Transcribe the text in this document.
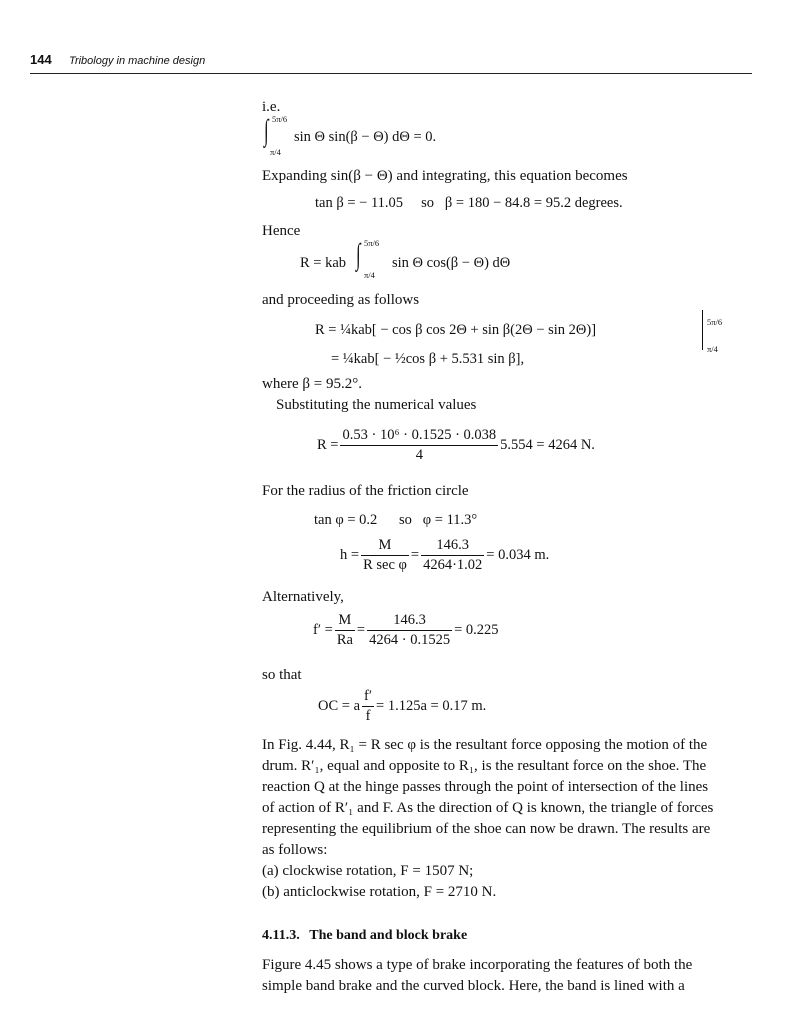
144 Tribology in machine design
i.e.
5π/6
∫
π/4
sin Θ sin(β − Θ) dΘ = 0.
Expanding sin(β − Θ) and integrating, this equation becomes
tan β = − 11.05     so   β = 180 − 84.8 = 95.2 degrees.
Hence
5π/6
∫
π/4
R = kab	sin Θ cos(β − Θ) dΘ
and proceeding as follows
R = ¼kab[ − cos β cos 2Θ + sin β(2Θ − sin 2Θ)]	5π/6
π/4
= ¼kab[ − ½cos β + 5.531 sin β],
where β = 95.2°.
Substituting the numerical values
$R = \frac{\text{0.53 · 10⁶ · 0.1525 · 0.038}}{4} 5.554 = 4264$ N.
For the radius of the friction circle
tan φ = 0.2      so   φ = 11.3°
h =
M
R sec φ
= $\frac{146.3}{4264\cdot 1.02} = 0.034$ m.
Alternatively,
$f' = \frac{M}{Ra} = \frac{146.3}{4264 \cdot 0.1525} = 0.225$
so that
OC = a $\frac{f'}{f} = 1.125a = 0.17$ m.
In Fig. 4.44, R₁ = R sec φ is the resultant force opposing the motion of the
drum. R′₁, equal and opposite to R₁, is the resultant force on the shoe. The
reaction Q at the hinge passes through the point of intersection of the lines
of action of R′₁ and F. As the direction of Q is known, the triangle of forces
representing the equilibrium of the shoe can now be drawn. The results are
as follows:
(a) clockwise rotation, F = 1507 N;
(b) anticlockwise rotation, F = 2710 N.
4.11.3. The band and block brake
Figure 4.45 shows a type of brake incorporating the features of both the
simple band brake and the curved block. Here, the band is lined with a
